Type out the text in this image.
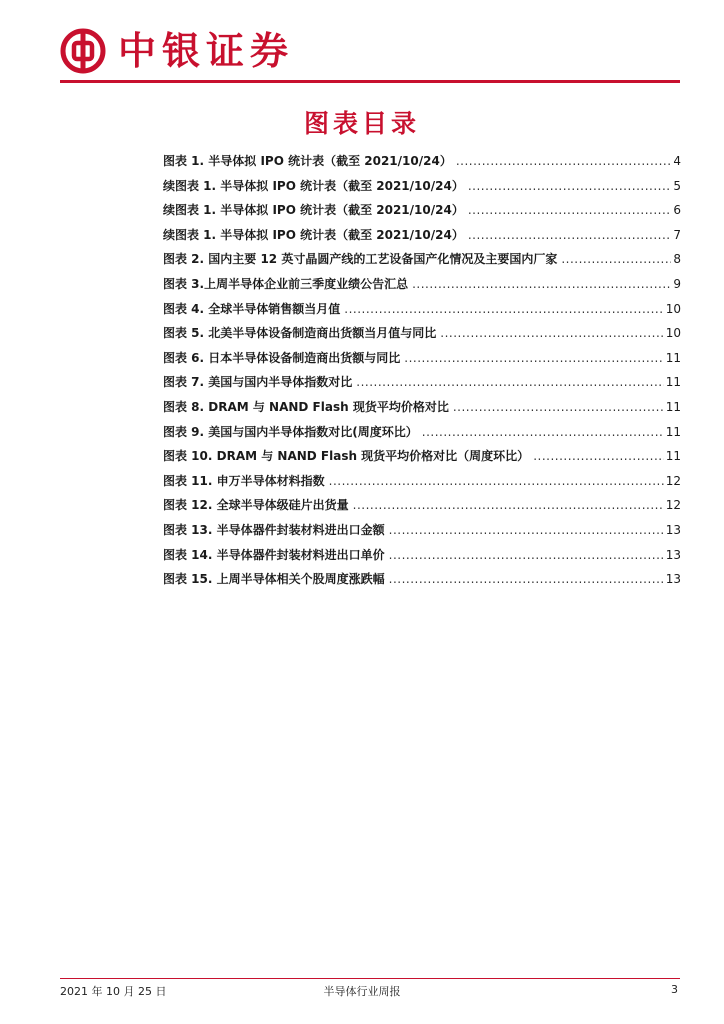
中银证券
图表目录
图表 1. 半导体拟 IPO 统计表（截至 2021/10/24） .....	4
续图表 1. 半导体拟 IPO 统计表（截至 2021/10/24） .....	5
续图表 1. 半导体拟 IPO 统计表（截至 2021/10/24） .....	6
续图表 1. 半导体拟 IPO 统计表（截至 2021/10/24） .....	7
图表 2. 国内主要 12 英寸晶圆产线的工艺设备国产化情况及主要国内厂家 .....	8
图表 3.上周半导体企业前三季度业绩公告汇总 .....	9
图表 4. 全球半导体销售额当月值 .....	10
图表 5. 北美半导体设备制造商出货额当月值与同比 .....	10
图表 6. 日本半导体设备制造商出货额与同比 .....	11
图表 7. 美国与国内半导体指数对比 .....	11
图表 8. DRAM 与 NAND Flash 现货平均价格对比 .....	11
图表 9. 美国与国内半导体指数对比(周度环比） .....	11
图表 10. DRAM 与 NAND Flash 现货平均价格对比（周度环比） .....	11
图表 11. 申万半导体材料指数 .....	12
图表 12. 全球半导体级硅片出货量 .....	12
图表 13. 半导体器件封装材料进出口金额 .....	13
图表 14. 半导体器件封装材料进出口单价 .....	13
图表 15. 上周半导体相关个股周度涨跌幅 .....	13
2021 年 10 月 25 日	半导体行业周报	3
